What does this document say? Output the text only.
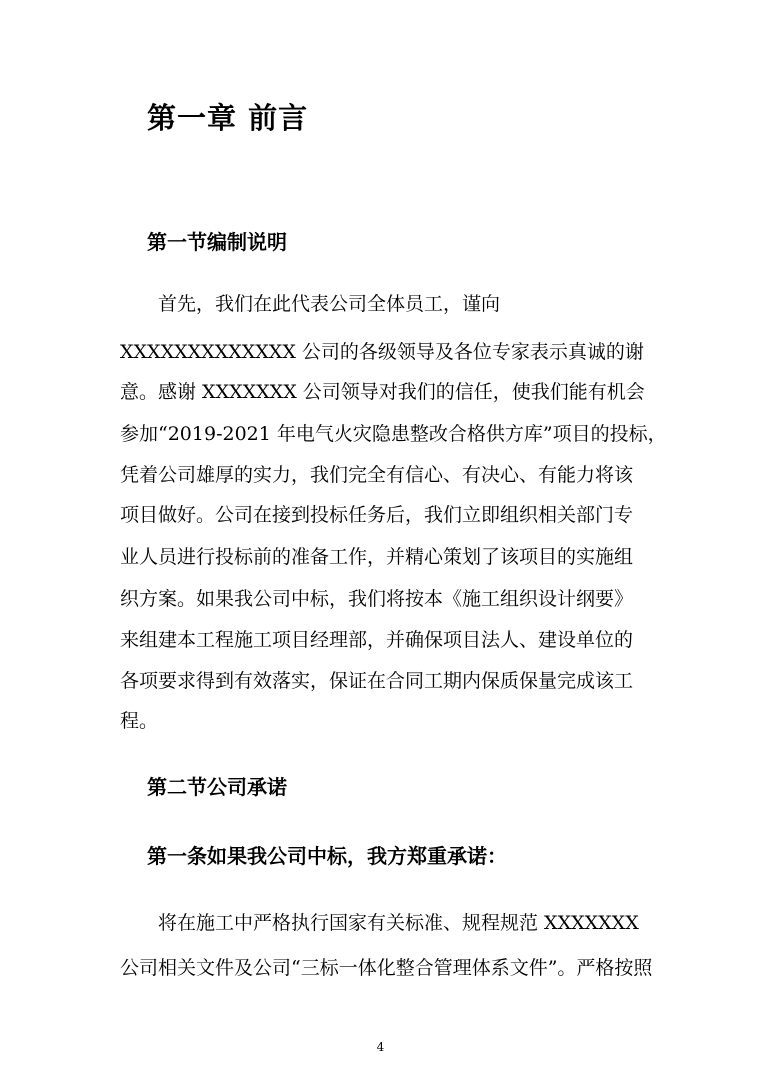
第一章 前言
第一节编制说明
首先，我们在此代表公司全体员工，谨向
XXXXXXXXXXXXX 公司的各级领导及各位专家表示真诚的谢
意。感谢 XXXXXXX 公司领导对我们的信任，使我们能有机会
参加“2019-2021 年电气火灾隐患整改合格供方库”项目的投标，
凭着公司雄厚的实力，我们完全有信心、有决心、有能力将该
项目做好。公司在接到投标任务后，我们立即组织相关部门专
业人员进行投标前的准备工作，并精心策划了该项目的实施组
织方案。如果我公司中标，我们将按本《施工组织设计纲要》
来组建本工程施工项目经理部，并确保项目法人、建设单位的
各项要求得到有效落实，保证在合同工期内保质保量完成该工
程。
第二节公司承诺
第一条如果我公司中标，我方郑重承诺：
将在施工中严格执行国家有关标准、规程规范 XXXXXXX
公司相关文件及公司“三标一体化整合管理体系文件”。严格按照
4
